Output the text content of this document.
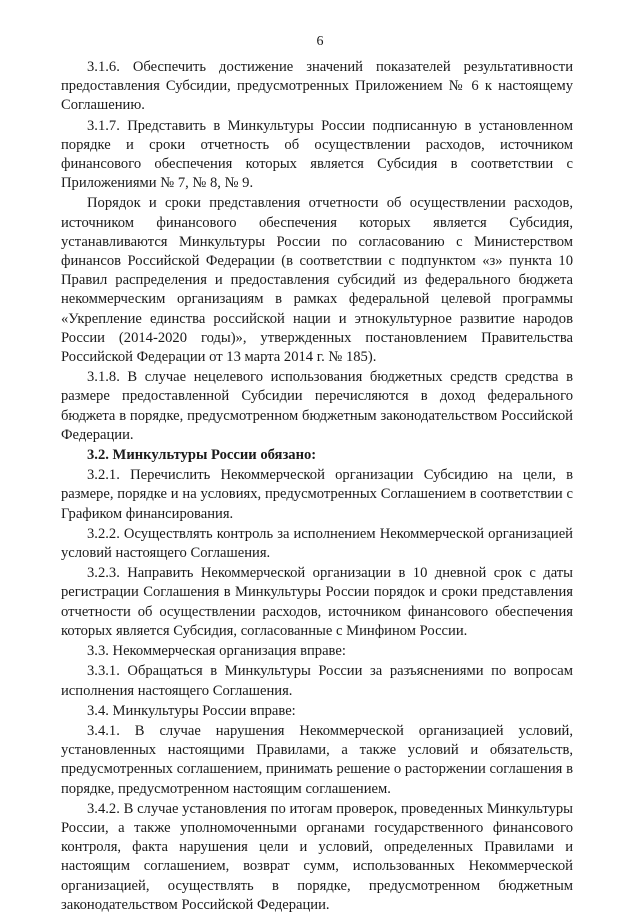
6

3.1.6. Обеспечить достижение значений показателей результативности предоставления Субсидии, предусмотренных Приложением № 6 к настоящему Соглашению.

3.1.7. Представить в Минкультуры России подписанную в установленном порядке и сроки отчетность об осуществлении расходов, источником финансового обеспечения которых является Субсидия в соответствии с Приложениями № 7, № 8, № 9.

Порядок и сроки представления отчетности об осуществлении расходов, источником финансового обеспечения которых является Субсидия, устанавливаются Минкультуры России по согласованию с Министерством финансов Российской Федерации (в соответствии с подпунктом «з» пункта 10 Правил распределения и предоставления субсидий из федерального бюджета некоммерческим организациям в рамках федеральной целевой программы «Укрепление единства российской нации и этнокультурное развитие народов России (2014-2020 годы)», утвержденных постановлением Правительства Российской Федерации от 13 марта 2014 г. № 185).

3.1.8. В случае нецелевого использования бюджетных средств средства в размере предоставленной Субсидии перечисляются в доход федерального бюджета в порядке, предусмотренном бюджетным законодательством Российской Федерации.

3.2. Минкультуры России обязано:

3.2.1. Перечислить Некоммерческой организации Субсидию на цели, в размере, порядке и на условиях, предусмотренных Соглашением в соответствии с Графиком финансирования.

3.2.2. Осуществлять контроль за исполнением Некоммерческой организацией условий настоящего Соглашения.

3.2.3. Направить Некоммерческой организации в 10 дневной срок с даты регистрации Соглашения в Минкультуры России порядок и сроки представления отчетности об осуществлении расходов, источником финансового обеспечения которых является Субсидия, согласованные с Минфином России.

3.3. Некоммерческая организация вправе:

3.3.1. Обращаться в Минкультуры России за разъяснениями по вопросам исполнения настоящего Соглашения.

3.4. Минкультуры России вправе:

3.4.1. В случае нарушения Некоммерческой организацией условий, установленных настоящими Правилами, а также условий и обязательств, предусмотренных соглашением, принимать решение о расторжении соглашения в порядке, предусмотренном настоящим соглашением.

3.4.2. В случае установления по итогам проверок, проведенных Минкультуры России, а также уполномоченными органами государственного финансового контроля, факта нарушения цели и условий, определенных Правилами и настоящим соглашением, возврат сумм, использованных Некоммерческой организацией, осуществлять в порядке, предусмотренном бюджетным законодательством Российской Федерации.
